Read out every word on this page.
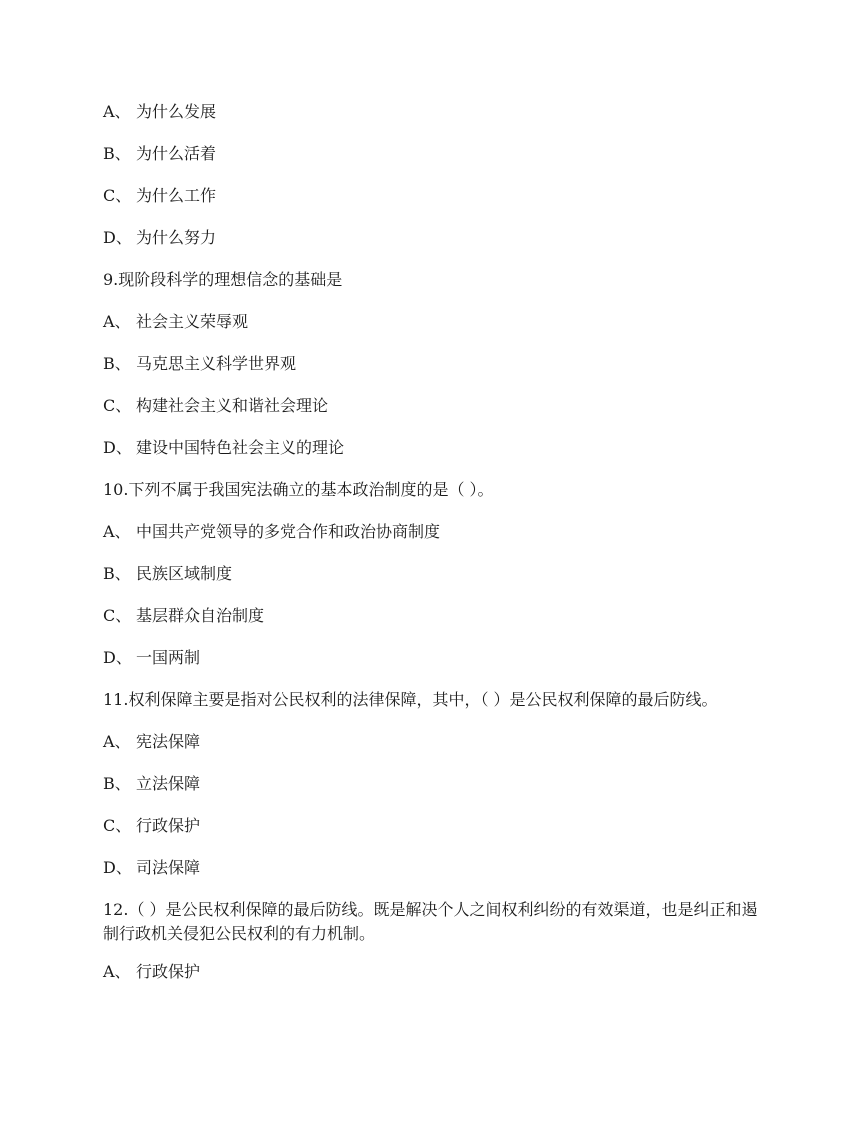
A、 为什么发展
B、 为什么活着
C、 为什么工作
D、 为什么努力
9.现阶段科学的理想信念的基础是
A、 社会主义荣辱观
B、 马克思主义科学世界观
C、 构建社会主义和谐社会理论
D、 建设中国特色社会主义的理论
10.下列不属于我国宪法确立的基本政治制度的是（ ）。
A、 中国共产党领导的多党合作和政治协商制度
B、 民族区域制度
C、 基层群众自治制度
D、 一国两制
11.权利保障主要是指对公民权利的法律保障，其中，（ ）是公民权利保障的最后防线。
A、 宪法保障
B、 立法保障
C、 行政保护
D、 司法保障
12.（ ）是公民权利保障的最后防线。既是解决个人之间权利纠纷的有效渠道，也是纠正和遏制行政机关侵犯公民权利的有力机制。
A、 行政保护
